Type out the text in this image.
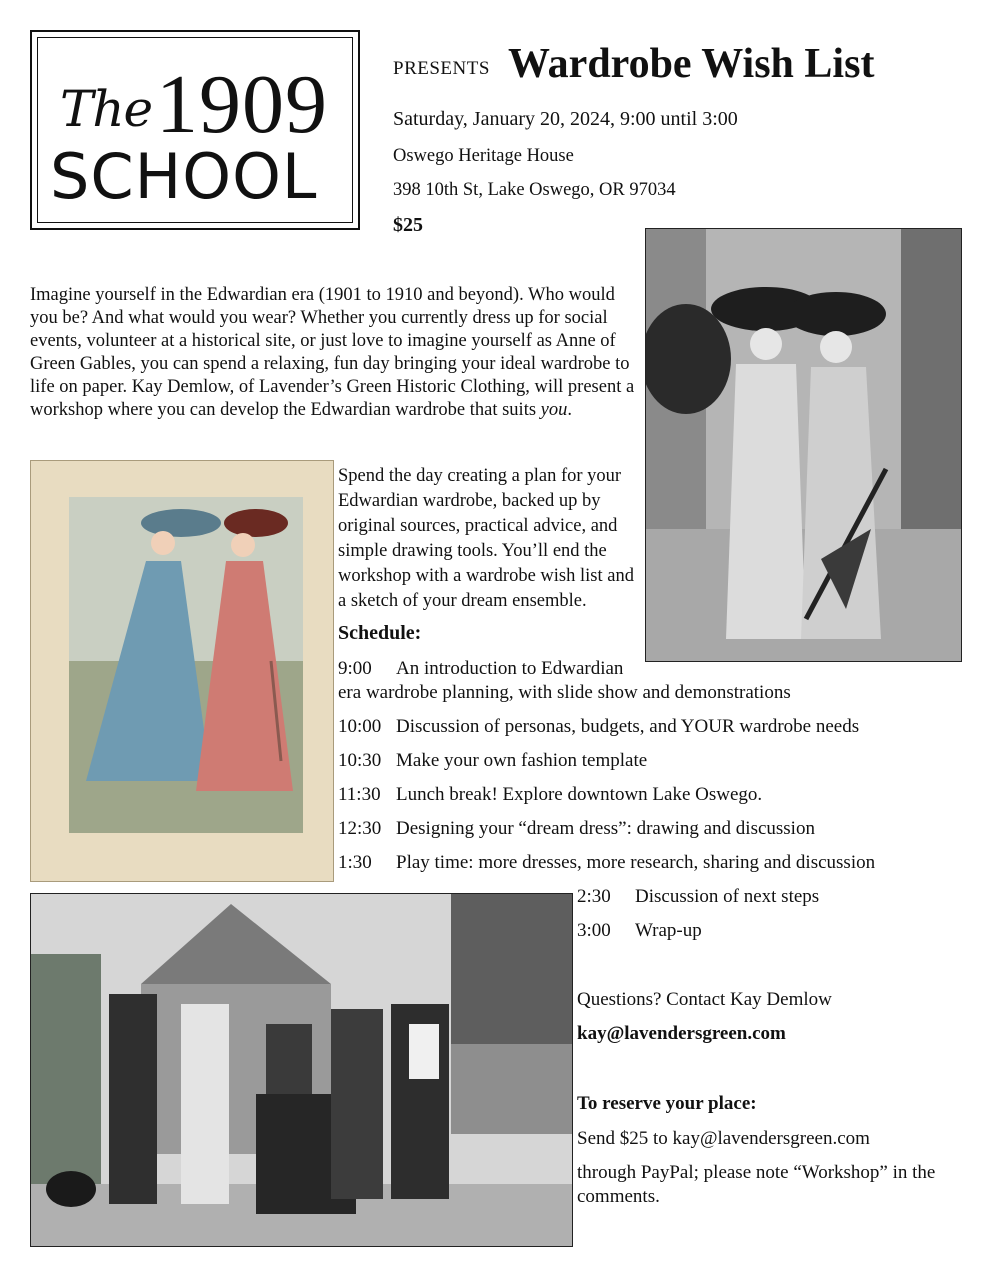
The 1909
SCHOOL
PRESENTS Wardrobe Wish List
Saturday, January 20, 2024, 9:00 until 3:00
Oswego Heritage House
398 10th St, Lake Oswego, OR 97034
$25
Imagine yourself in the Edwardian era (1901 to 1910 and beyond). Who would you be? And what would you wear? Whether you currently dress up for social events, volunteer at a historical site, or just love to imagine yourself as Anne of Green Gables, you can spend a relaxing, fun day bringing your ideal wardrobe to life on paper. Kay Demlow, of Lavender’s Green Historic Clothing, will present a workshop where you can develop the Edwardian wardrobe that suits you.
Spend the day creating a plan for your Edwardian wardrobe, backed up by original sources, practical advice, and simple drawing tools. You’ll end the workshop with a wardrobe wish list and a sketch of your dream ensemble.
Schedule:
9:00 An introduction to Edwardian
era wardrobe planning, with slide show and demonstrations
10:00 Discussion of personas, budgets, and YOUR wardrobe needs
10:30 Make your own fashion template
11:30 Lunch break! Explore downtown Lake Oswego.
12:30 Designing your “dream dress”: drawing and discussion
1:30 Play time: more dresses, more research, sharing and discussion
2:30 Discussion of next steps
3:00 Wrap-up
Questions? Contact Kay Demlow
kay@lavendersgreen.com
To reserve your place:
Send $25 to kay@lavendersgreen.com
through PayPal; please note “Workshop” in the comments.
